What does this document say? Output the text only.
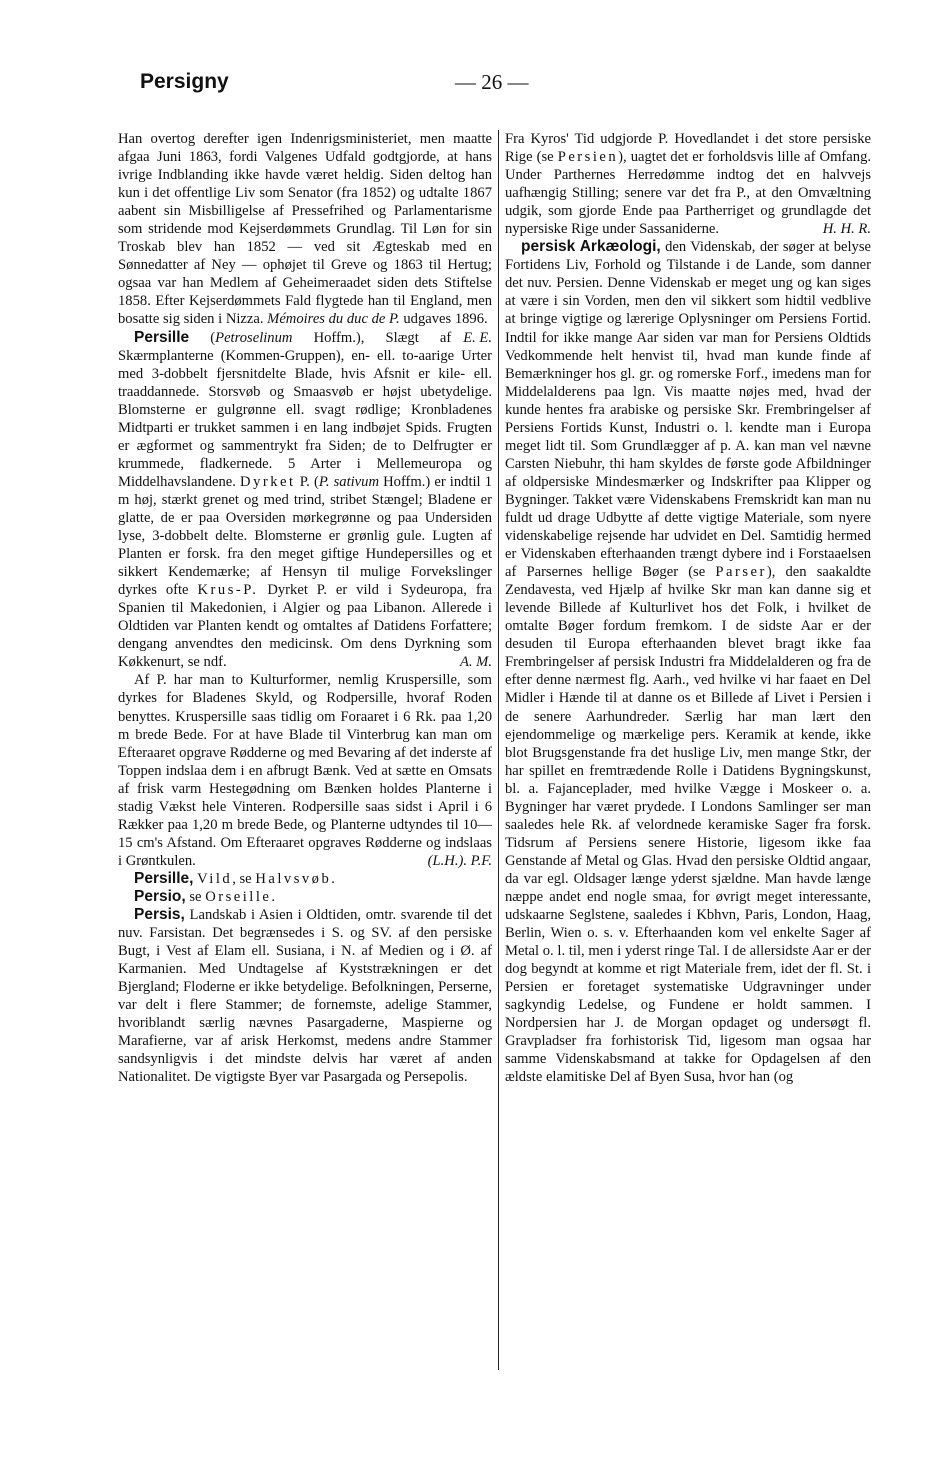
Persigny	— 26 —

Han overtog derefter igen Indenrigsministeriet, men maatte afgaa Juni 1863, fordi Valgenes Udfald godtgjorde, at hans ivrige Indblanding ikke havde været heldig. Siden deltog han kun i det offentlige Liv som Senator (fra 1852) og udtalte 1867 aabent sin Misbilligelse af Pressefrihed og Parlamentarisme som stridende mod Kejserdømmets Grundlag. Til Løn for sin Troskab blev han 1852 — ved sit Ægteskab med en Sønnedatter af Ney — ophøjet til Greve og 1863 til Hertug; ogsaa var han Medlem af Geheimeraadet siden dets Stiftelse 1858. Efter Kejserdømmets Fald flygtede han til England, men bosatte sig siden i Nizza. Mémoires du duc de P. udgaves 1896.
E. E.

Persille (Petroselinum Hoffm.), Slægt af Skærmplanterne (Kommen-Gruppen), en- ell. to-aarige Urter med 3-dobbelt fjersnitdelte Blade, hvis Afsnit er kile- ell. traaddannede. Storsvøb og Smaasvøb er højst ubetydelige. Blomsterne er gulgrønne ell. svagt rødlige; Kronbladenes Midtparti er trukket sammen i en lang indbøjet Spids. Frugten er ægformet og sammentrykt fra Siden; de to Delfrugter er krummede, fladkernede. 5 Arter i Mellemeuropa og Middelhavslandene. Dyrket P. (P. sativum Hoffm.) er indtil 1 m høj, stærkt grenet og med trind, stribet Stængel; Bladene er glatte, de er paa Oversiden mørkegrønne og paa Undersiden lyse, 3-dobbelt delte. Blomsterne er grønlig gule. Lugten af Planten er forsk. fra den meget giftige Hundepersilles og et sikkert Kendemærke; af Hensyn til mulige Forvekslinger dyrkes ofte Krus-P. Dyrket P. er vild i Sydeuropa, fra Spanien til Makedonien, i Algier og paa Libanon. Allerede i Oldtiden var Planten kendt og omtaltes af Datidens Forfattere; dengang anvendtes den medicinsk. Om dens Dyrkning som Køkkenurt, se ndf.	A. M.

Af P. har man to Kulturformer, nemlig Kruspersille, som dyrkes for Bladenes Skyld, og Rodpersille, hvoraf Roden benyttes. Kruspersille saas tidlig om Foraaret i 6 Rk. paa 1,20 m brede Bede. For at have Blade til Vinterbrug kan man om Efteraaret opgrave Rødderne og med Bevaring af det inderste af Toppen indslaa dem i en afbrugt Bænk. Ved at sætte en Omsats af frisk varm Hestegødning om Bænken holdes Planterne i stadig Vækst hele Vinteren. Rodpersille saas sidst i April i 6 Rækker paa 1,20 m brede Bede, og Planterne udtyndes til 10—15 cm's Afstand. Om Efteraaret opgraves Rødderne og indslaas i Grøntkulen.	(L.H.). P.F.

Persille, Vild, se Halvsvøb.

Persio, se Orseille.

Persis, Landskab i Asien i Oldtiden, omtr. svarende til det nuv. Farsistan. Det begrænsedes i S. og SV. af den persiske Bugt, i Vest af Elam ell. Susiana, i N. af Medien og i Ø. af Karmanien. Med Undtagelse af Kyststrækningen er det Bjergland; Floderne er ikke betydelige. Befolkningen, Perserne, var delt i flere Stammer; de fornemste, adelige Stammer, hvoriblandt særlig nævnes Pasargaderne, Maspierne og Marafierne, var af arisk Herkomst, medens andre Stammer sandsynligvis i det mindste delvis har været af anden Nationalitet. De vigtigste Byer var Pasargada og Persepolis.

Fra Kyros' Tid udgjorde P. Hovedlandet i det store persiske Rige (se Persien), uagtet det er forholdsvis lille af Omfang. Under Parthernes Herredømme indtog det en halvvejs uafhængig Stilling; senere var det fra P., at den Omvæltning udgik, som gjorde Ende paa Partherriget og grundlagde det nypersiske Rige under Sassaniderne.	H. H. R.

persisk Arkæologi, den Videnskab, der søger at belyse Fortidens Liv, Forhold og Tilstande i de Lande, som danner det nuv. Persien. Denne Videnskab er meget ung og kan siges at være i sin Vorden, men den vil sikkert som hidtil vedblive at bringe vigtige og lærerige Oplysninger om Persiens Fortid. Indtil for ikke mange Aar siden var man for Persiens Oldtids Vedkommende helt henvist til, hvad man kunde finde af Bemærkninger hos gl. gr. og romerske Forf., imedens man for Middelalderens paa lgn. Vis maatte nøjes med, hvad der kunde hentes fra arabiske og persiske Skr. Frembringelser af Persiens Fortids Kunst, Industri o. l. kendte man i Europa meget lidt til. Som Grundlægger af p. A. kan man vel nævne Carsten Niebuhr, thi ham skyldes de første gode Afbildninger af oldpersiske Mindesmærker og Indskrifter paa Klipper og Bygninger. Takket være Videnskabens Fremskridt kan man nu fuldt ud drage Udbytte af dette vigtige Materiale, som nyere videnskabelige rejsende har udvidet en Del. Samtidig hermed er Videnskaben efterhaanden trængt dybere ind i Forstaaelsen af Parsernes hellige Bøger (se Parser), den saakaldte Zendavesta, ved Hjælp af hvilke Skr man kan danne sig et levende Billede af Kulturlivet hos det Folk, i hvilket de omtalte Bøger fordum fremkom. I de sidste Aar er der desuden til Europa efterhaanden blevet bragt ikke faa Frembringelser af persisk Industri fra Middelalderen og fra de efter denne nærmest flg. Aarh., ved hvilke vi har faaet en Del Midler i Hænde til at danne os et Billede af Livet i Persien i de senere Aarhundreder. Særlig har man lært den ejendommelige og mærkelige pers. Keramik at kende, ikke blot Brugsgenstande fra det huslige Liv, men mange Stkr, der har spillet en fremtrædende Rolle i Datidens Bygningskunst, bl. a. Fajanceplader, med hvilke Vægge i Moskeer o. a. Bygninger har været prydede. I Londons Samlinger ser man saaledes hele Rk. af velordnede keramiske Sager fra forsk. Tidsrum af Persiens senere Historie, ligesom ikke faa Genstande af Metal og Glas. Hvad den persiske Oldtid angaar, da var egl. Oldsager længe yderst sjældne. Man havde længe næppe andet end nogle smaa, for øvrigt meget interessante, udskaarne Seglstene, saaledes i Kbhvn, Paris, London, Haag, Berlin, Wien o. s. v. Efterhaanden kom vel enkelte Sager af Metal o. l. til, men i yderst ringe Tal. I de allersidste Aar er der dog begyndt at komme et rigt Materiale frem, idet der fl. St. i Persien er foretaget systematiske Udgravninger under sagkyndig Ledelse, og Fundene er holdt sammen. I Nordpersien har J. de Morgan opdaget og undersøgt fl. Gravpladser fra forhistorisk Tid, ligesom man ogsaa har samme Videnskabsmand at takke for Opdagelsen af den ældste elamitiske Del af Byen Susa, hvor han (og
